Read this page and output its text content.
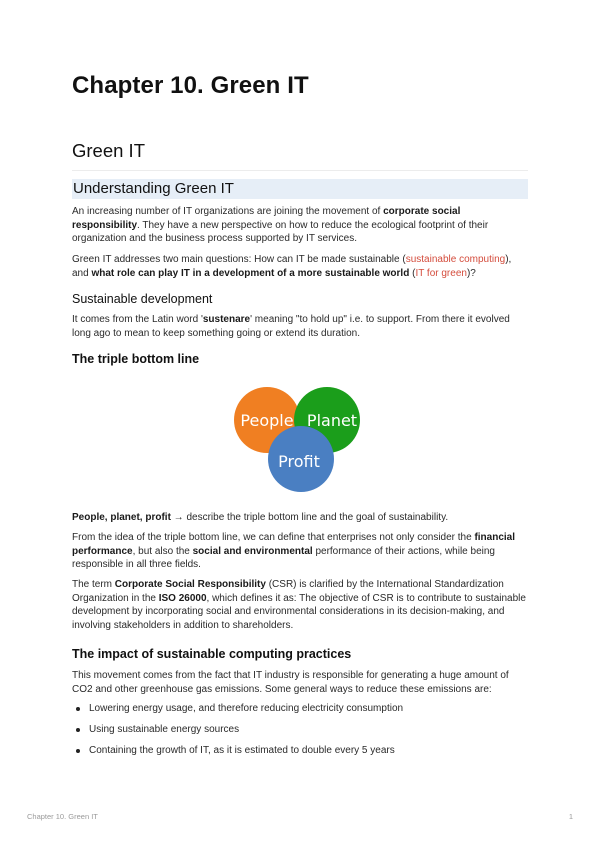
Chapter 10. Green IT
Green IT
Understanding Green IT

An increasing number of IT organizations are joining the movement of corporate social responsibility. They have a new perspective on how to reduce the ecological footprint of their organization and the business process supported by IT services.

Green IT addresses two main questions: How can IT be made sustainable (sustainable computing), and what role can play IT in a development of a more sustainable world (IT for green)?

Sustainable development

It comes from the Latin word 'sustenare' meaning "to hold up" i.e. to support. From there it evolved long ago to mean to keep something going or extend its duration.

The triple bottom line
People Planet
Profit

People, planet, profit → describe the triple bottom line and the goal of sustainability.

From the idea of the triple bottom line, we can define that enterprises not only consider the financial performance, but also the social and environmental performance of their actions, while being responsible in all three fields.

The term Corporate Social Responsibility (CSR) is clarified by the International Standardization Organization in the ISO 26000, which defines it as: The objective of CSR is to contribute to sustainable development by incorporating social and environmental considerations in its decision-making, and involving stakeholders in addition to shareholders.

The impact of sustainable computing practices

This movement comes from the fact that IT industry is responsible for generating a huge amount of CO2 and other greenhouse gas emissions. Some general ways to reduce these emissions are:

Lowering energy usage, and therefore reducing electricity consumption
Using sustainable energy sources
Containing the growth of IT, as it is estimated to double every 5 years
Chapter 10. Green IT	1
